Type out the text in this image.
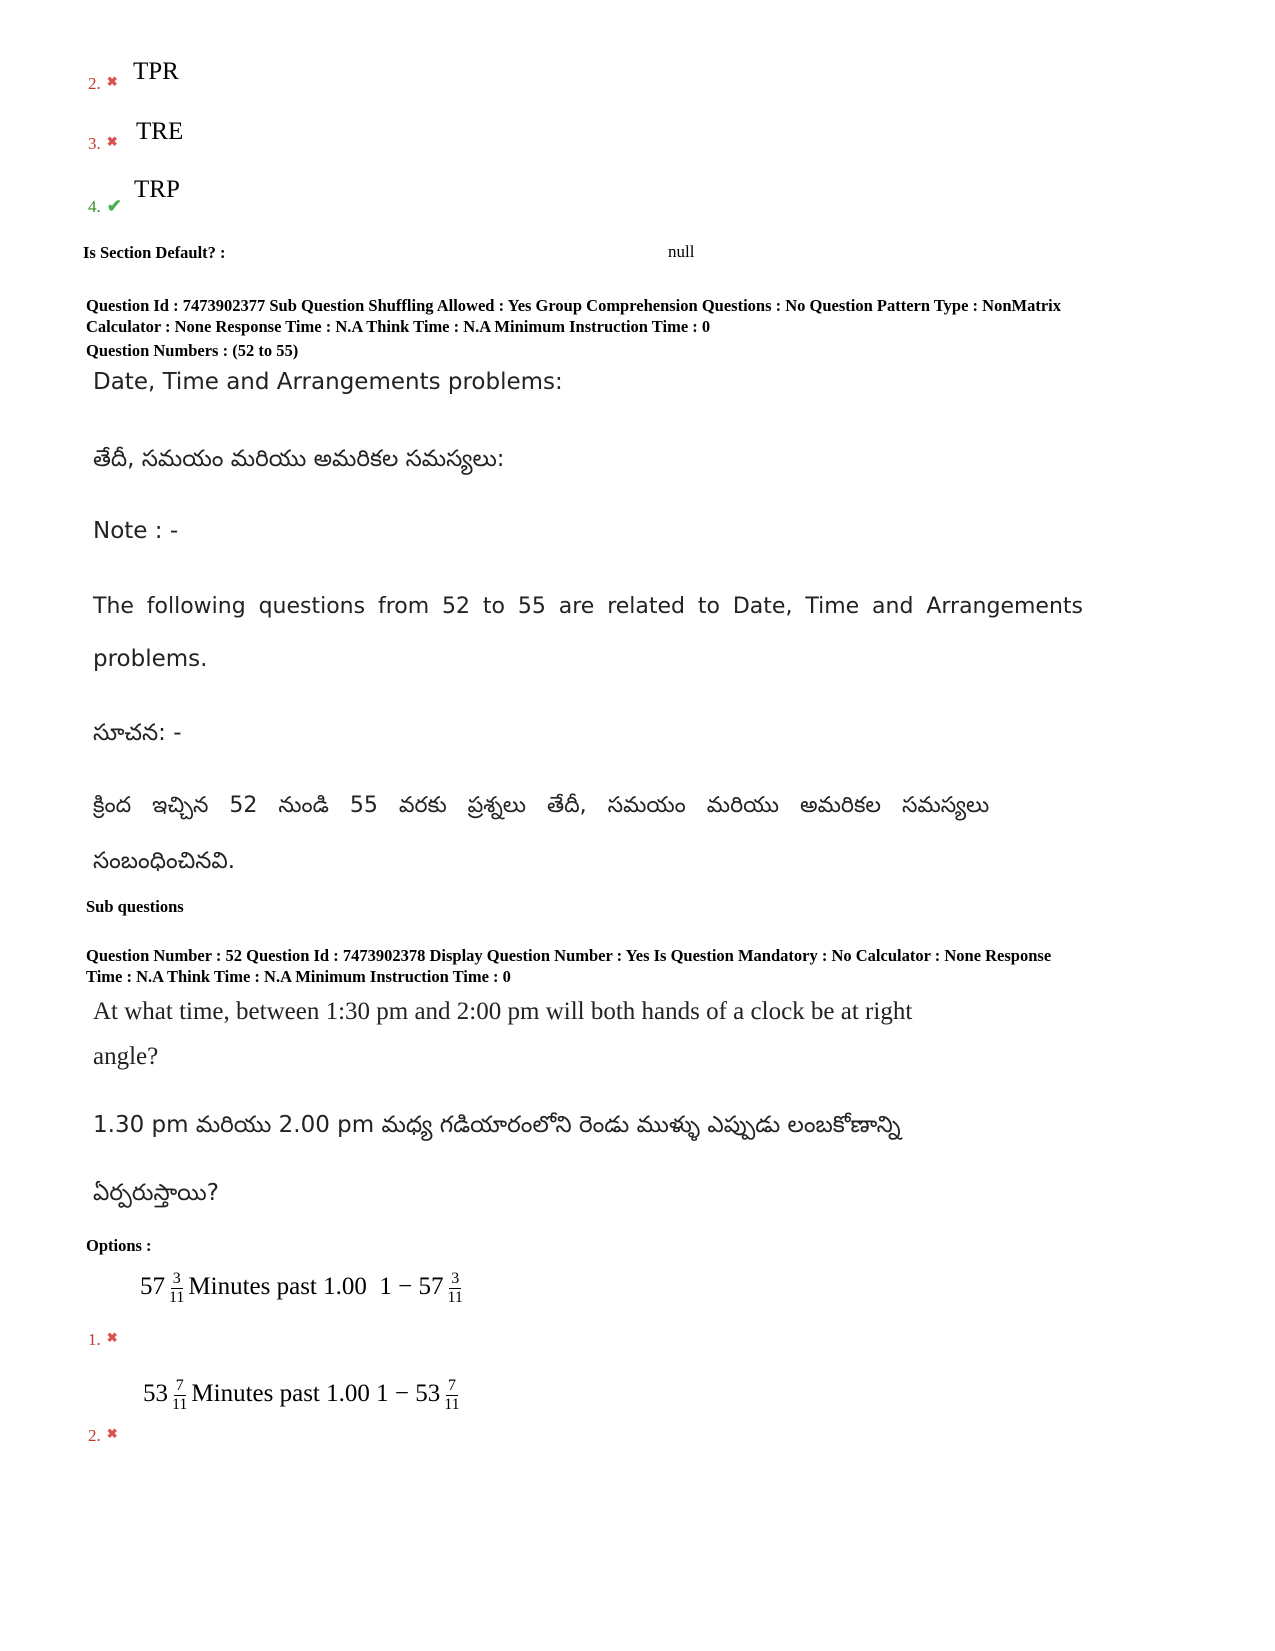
2. ✖ TPR
3. ✖ TRE
4. ✔
TRP
Is Section Default? :	null
Question Id : 7473902377 Sub Question Shuffling Allowed : Yes Group Comprehension Questions : No Question Pattern Type : NonMatrix
Calculator : None Response Time : N.A Think Time : N.A Minimum Instruction Time : 0
Question Numbers : (52 to 55)
Date, Time and Arrangements problems:
తేదీ, సమయం మరియు అమరికల సమస్యలు:
Note : -
The following questions from 52 to 55 are related to Date, Time and Arrangements
problems.
సూచన: -
క్రింద ఇచ్చిన 52 నుండి 55 వరకు ప్రశ్నలు తేదీ, సమయం మరియు అమరికల సమస్యలు
సంబంధించినవి.
Sub questions
Question Number : 52 Question Id : 7473902378 Display Question Number : Yes Is Question Mandatory : No Calculator : None Response
Time : N.A Think Time : N.A Minimum Instruction Time : 0
At what time, between 1:30 pm and 2:00 pm will both hands of a clock be at right
angle?
1.30 pm మరియు 2.00 pm మధ్య గడియారంలోని రెండు ముళ్ళు ఎప్పుడు లంబకోణాన్ని
ఏర్పరుస్తాయి?
Options :
$57 \frac{3}{11}$ Minutes past 1.00 $1 - 57 \frac{3}{11}$
1. ✖
$53 \frac{7}{11}$ Minutes past 1.00 $1 - 53 \frac{7}{11}$
2. ✖
